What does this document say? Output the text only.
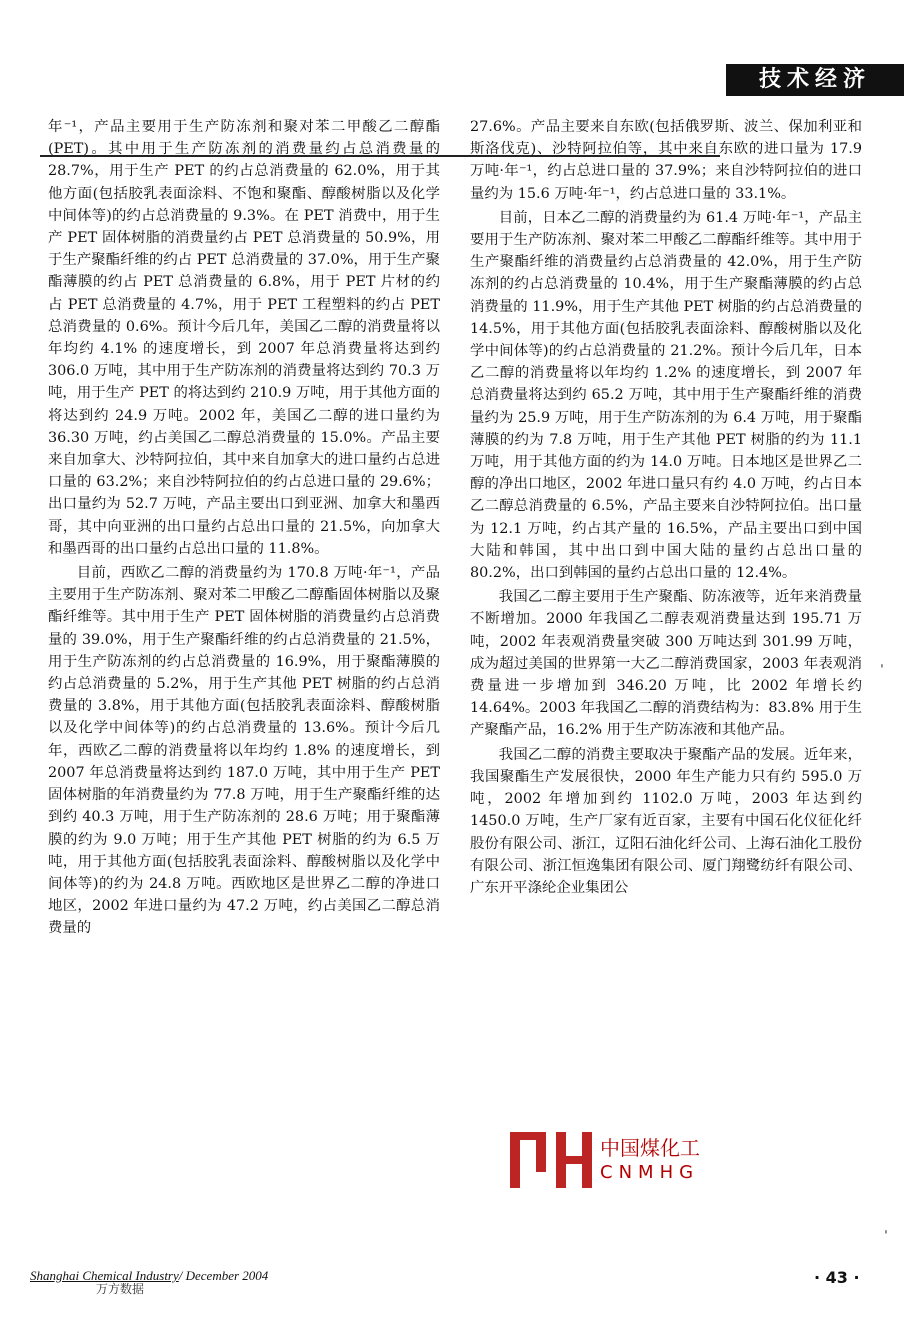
技术经济

年⁻¹，产品主要用于生产防冻剂和聚对苯二甲酸乙二醇酯(PET)。其中用于生产防冻剂的消费量约占总消费量的 28.7%，用于生产 PET 的约占总消费量的 62.0%，用于其他方面(包括胶乳表面涂料、不饱和聚酯、醇酸树脂以及化学中间体等)的约占总消费量的 9.3%。在 PET 消费中，用于生产 PET 固体树脂的消费量约占 PET 总消费量的 50.9%，用于生产聚酯纤维的约占 PET 总消费量的 37.0%，用于生产聚酯薄膜的约占 PET 总消费量的 6.8%，用于 PET 片材的约占 PET 总消费量的 4.7%，用于 PET 工程塑料的约占 PET 总消费量的 0.6%。预计今后几年，美国乙二醇的消费量将以年均约 4.1% 的速度增长，到 2007 年总消费量将达到约 306.0 万吨，其中用于生产防冻剂的消费量将达到约 70.3 万吨，用于生产 PET 的将达到约 210.9 万吨，用于其他方面的将达到约 24.9 万吨。2002 年，美国乙二醇的进口量约为 36.30 万吨，约占美国乙二醇总消费量的 15.0%。产品主要来自加拿大、沙特阿拉伯，其中来自加拿大的进口量约占总进口量的 63.2%；来自沙特阿拉伯的约占总进口量的 29.6%；出口量约为 52.7 万吨，产品主要出口到亚洲、加拿大和墨西哥，其中向亚洲的出口量约占总出口量的 21.5%，向加拿大和墨西哥的出口量约占总出口量的 11.8%。

目前，西欧乙二醇的消费量约为 170.8 万吨·年⁻¹，产品主要用于生产防冻剂、聚对苯二甲酸乙二醇酯固体树脂以及聚酯纤维等。其中用于生产 PET 固体树脂的消费量约占总消费量的 39.0%，用于生产聚酯纤维的约占总消费量的 21.5%，用于生产防冻剂的约占总消费量的 16.9%，用于聚酯薄膜的约占总消费量的 5.2%，用于生产其他 PET 树脂的约占总消费量的 3.8%，用于其他方面(包括胶乳表面涂料、醇酸树脂以及化学中间体等)的约占总消费量的 13.6%。预计今后几年，西欧乙二醇的消费量将以年均约 1.8% 的速度增长，到 2007 年总消费量将达到约 187.0 万吨，其中用于生产 PET 固体树脂的年消费量约为 77.8 万吨，用于生产聚酯纤维的达到约 40.3 万吨，用于生产防冻剂的 28.6 万吨；用于聚酯薄膜的约为 9.0 万吨；用于生产其他 PET 树脂的约为 6.5 万吨，用于其他方面(包括胶乳表面涂料、醇酸树脂以及化学中间体等)的约为 24.8 万吨。西欧地区是世界乙二醇的净进口地区，2002 年进口量约为 47.2 万吨，约占美国乙二醇总消费量的

27.6%。产品主要来自东欧(包括俄罗斯、波兰、保加利亚和斯洛伐克)、沙特阿拉伯等，其中来自东欧的进口量为 17.9 万吨·年⁻¹，约占总进口量的 37.9%；来自沙特阿拉伯的进口量约为 15.6 万吨·年⁻¹，约占总进口量的 33.1%。

目前，日本乙二醇的消费量约为 61.4 万吨·年⁻¹，产品主要用于生产防冻剂、聚对苯二甲酸乙二醇酯纤维等。其中用于生产聚酯纤维的消费量约占总消费量的 42.0%，用于生产防冻剂的约占总消费量的 10.4%，用于生产聚酯薄膜的约占总消费量的 11.9%，用于生产其他 PET 树脂的约占总消费量的 14.5%，用于其他方面(包括胶乳表面涂料、醇酸树脂以及化学中间体等)的约占总消费量的 21.2%。预计今后几年，日本乙二醇的消费量将以年均约 1.2% 的速度增长，到 2007 年总消费量将达到约 65.2 万吨，其中用于生产聚酯纤维的消费量约为 25.9 万吨，用于生产防冻剂的为 6.4 万吨，用于聚酯薄膜的约为 7.8 万吨，用于生产其他 PET 树脂的约为 11.1 万吨，用于其他方面的约为 14.0 万吨。日本地区是世界乙二醇的净出口地区，2002 年进口量只有约 4.0 万吨，约占日本乙二醇总消费量的 6.5%，产品主要来自沙特阿拉伯。出口量为 12.1 万吨，约占其产量的 16.5%，产品主要出口到中国大陆和韩国，其中出口到中国大陆的量约占总出口量的 80.2%，出口到韩国的量约占总出口量的 12.4%。

我国乙二醇主要用于生产聚酯、防冻液等，近年来消费量不断增加。2000 年我国乙二醇表观消费量达到 195.71 万吨，2002 年表观消费量突破 300 万吨达到 301.99 万吨，成为超过美国的世界第一大乙二醇消费国家，2003 年表观消费量进一步增加到 346.20 万吨，比 2002 年增长约 14.64%。2003 年我国乙二醇的消费结构为：83.8% 用于生产聚酯产品，16.2% 用于生产防冻液和其他产品。

我国乙二醇的消费主要取决于聚酯产品的发展。近年来，我国聚酯生产发展很快，2000 年生产能力只有约 595.0 万吨，2002 年增加到约 1102.0 万吨，2003 年达到约 1450.0 万吨，生产厂家有近百家，主要有中国石化仪征化纤股份有限公司、浙江，辽阳石油化纤公司、上海石油化工股份有限公司、浙江恒逸集团有限公司、厦门翔鹭纺纤有限公司、广东开平涤纶企业集团公

中国煤化工
CNMHG
Shanghai Chemical Industry/ December 2004
万方数据
· 43 ·
ˌ
ˌ
